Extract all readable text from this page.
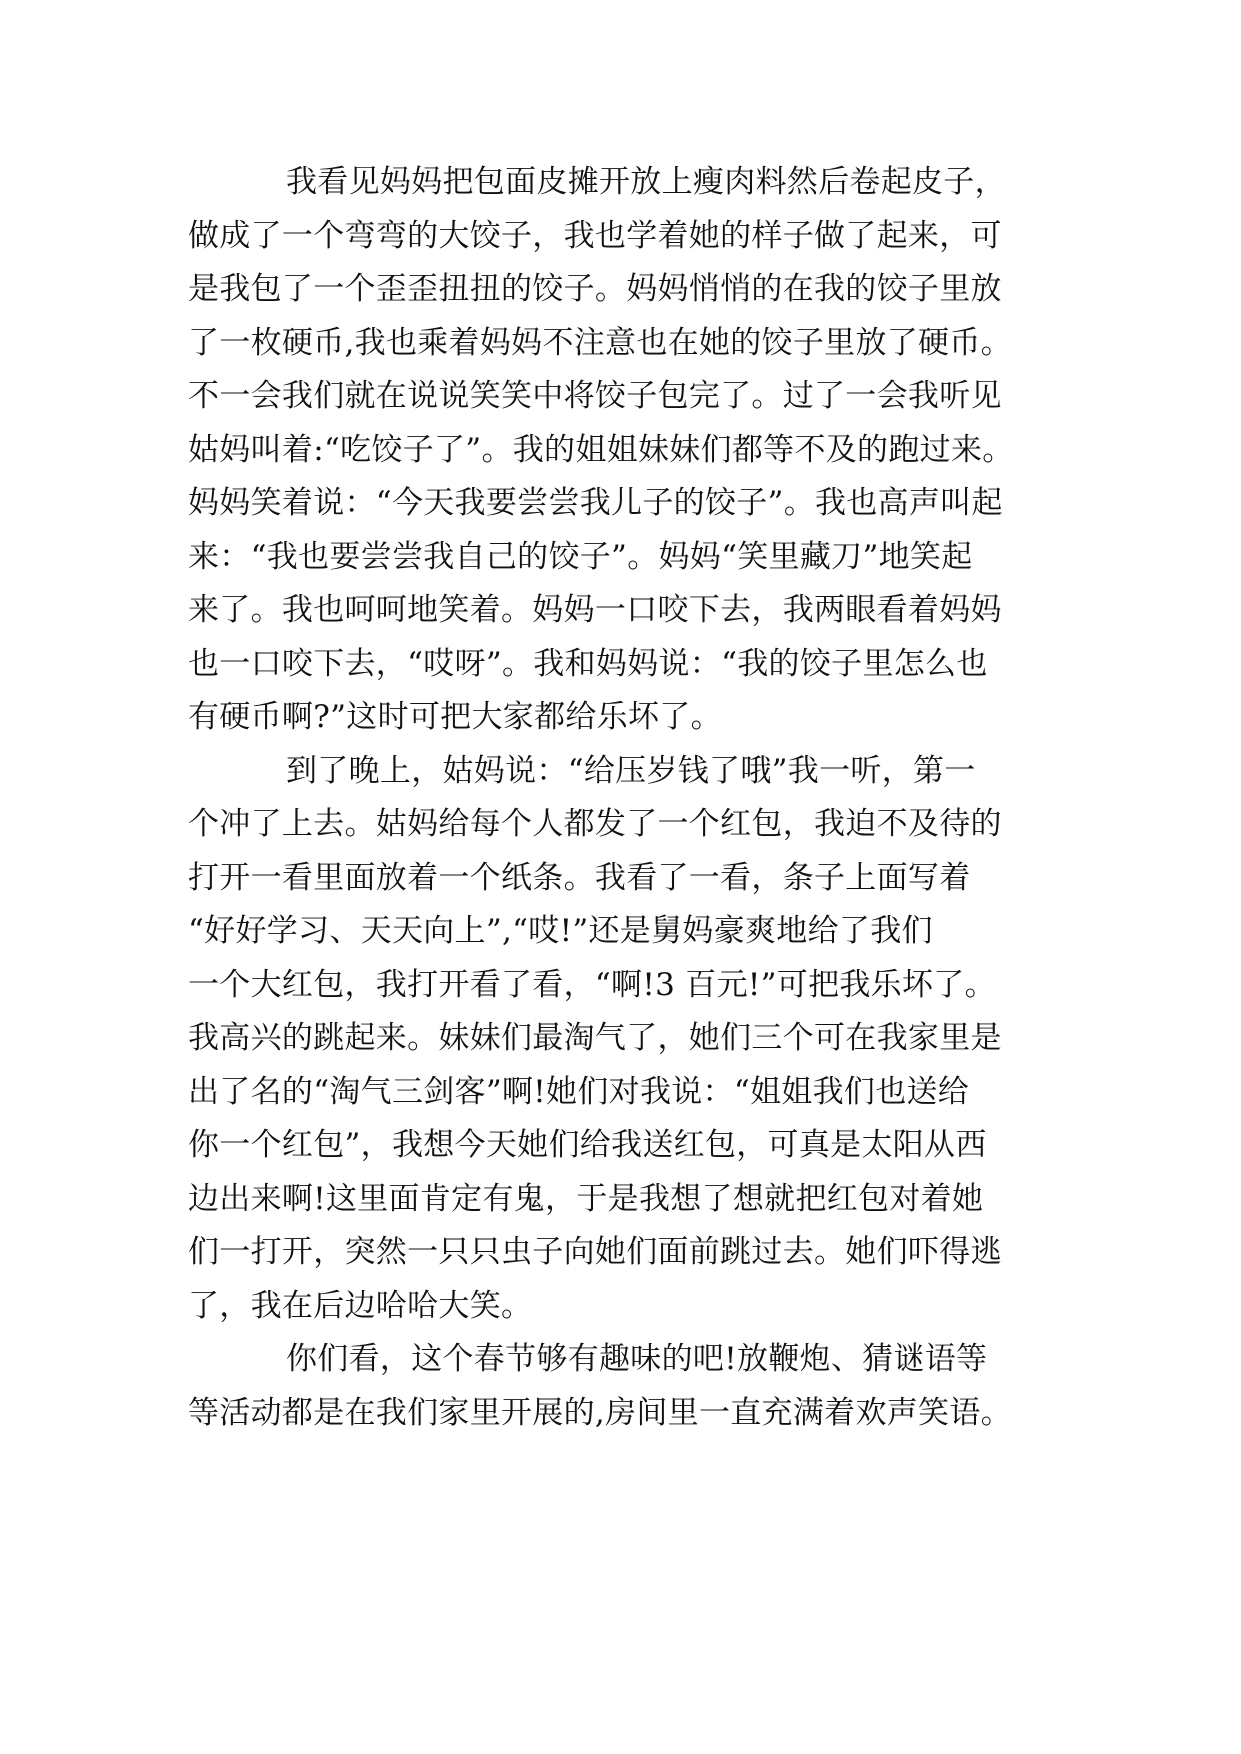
我看见妈妈把包面皮摊开放上瘦肉料然后卷起皮子，
做成了一个弯弯的大饺子，我也学着她的样子做了起来，可
是我包了一个歪歪扭扭的饺子。妈妈悄悄的在我的饺子里放
了一枚硬币,我也乘着妈妈不注意也在她的饺子里放了硬币。
不一会我们就在说说笑笑中将饺子包完了。过了一会我听见
姑妈叫着:“吃饺子了”。我的姐姐妹妹们都等不及的跑过来。
妈妈笑着说：“今天我要尝尝我儿子的饺子”。我也高声叫起
来：“我也要尝尝我自己的饺子”。妈妈“笑里藏刀”地笑起
来了。我也呵呵地笑着。妈妈一口咬下去，我两眼看着妈妈
也一口咬下去，“哎呀”。我和妈妈说：“我的饺子里怎么也
有硬币啊?”这时可把大家都给乐坏了。
到了晚上，姑妈说：“给压岁钱了哦”我一听，第一
个冲了上去。姑妈给每个人都发了一个红包，我迫不及待的
打开一看里面放着一个纸条。我看了一看，条子上面写着
“好好学习、天天向上”,“哎!”还是舅妈豪爽地给了我们
一个大红包，我打开看了看，“啊!3 百元!”可把我乐坏了。
我高兴的跳起来。妹妹们最淘气了，她们三个可在我家里是
出了名的“淘气三剑客”啊!她们对我说：“姐姐我们也送给
你一个红包”，我想今天她们给我送红包，可真是太阳从西
边出来啊!这里面肯定有鬼，于是我想了想就把红包对着她
们一打开，突然一只只虫子向她们面前跳过去。她们吓得逃
了，我在后边哈哈大笑。
你们看，这个春节够有趣味的吧!放鞭炮、猜谜语等
等活动都是在我们家里开展的,房间里一直充满着欢声笑语。
